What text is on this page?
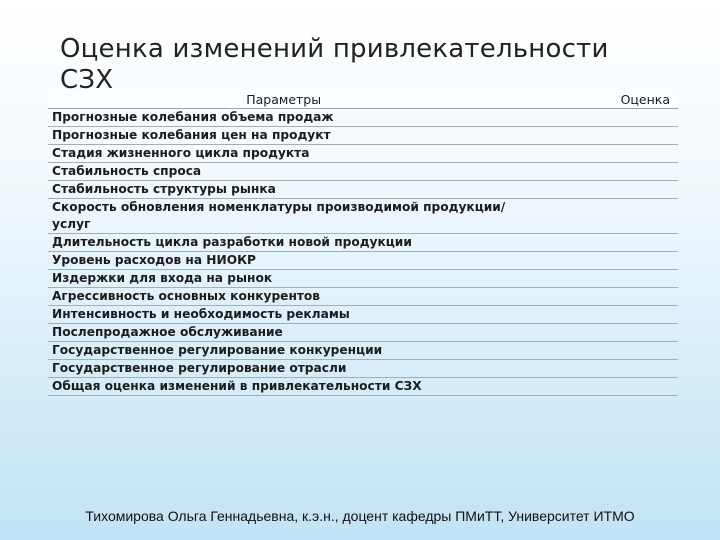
Оценка изменений привлекательности СЗХ
Параметры	Оценка
Прогнозные колебания объема продаж	
Прогнозные колебания цен на продукт	
Стадия жизненного цикла продукта	
Стабильность спроса	
Стабильность структуры рынка	
Скорость обновления номенклатуры производимой продукции/услуг	
Длительность цикла разработки новой продукции	
Уровень расходов на НИОКР	
Издержки для входа на рынок	
Агрессивность основных конкурентов	
Интенсивность и необходимость рекламы	
Послепродажное обслуживание	
Государственное регулирование конкуренции	
Государственное регулирование отрасли	
Общая оценка изменений в привлекательности СЗХ	
Тихомирова Ольга Геннадьевна, к.э.н., доцент кафедры ПМиТТ, Университет ИТМО
